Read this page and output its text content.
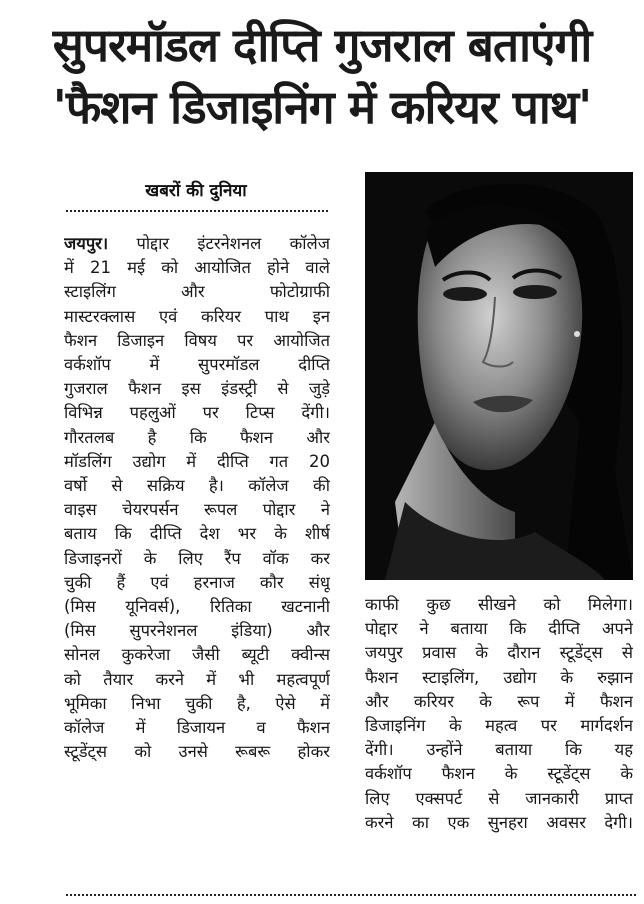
सुपरमॉडल दीप्ति गुजराल बताएंगी
'फैशन डिजाइनिंग में करियर पाथ'
खबरों की दुनिया
जयपुर। पोद्दार इंटरनेशनल कॉलेज
में 21 मई को आयोजित होने वाले
स्टाइलिंग और फोटोग्राफी
मास्टरक्लास एवं करियर पाथ इन
फैशन डिजाइन विषय पर आयोजित
वर्कशॉप में सुपरमॉडल दीप्ति
गुजराल फैशन इस इंडस्ट्री से जुड़े
विभिन्न पहलुओं पर टिप्स देंगी।
गौरतलब है कि फैशन और
मॉडलिंग उद्योग में दीप्ति गत 20
वर्षो से सक्रिय है। कॉलेज की
वाइस चेयरपर्सन रूपल पोद्दार ने
बताय कि दीप्ति देश भर के शीर्ष
डिजाइनरों के लिए रैंप वॉक कर
चुकी हैं एवं हरनाज कौर संधू
(मिस यूनिवर्स), रितिका खटनानी
(मिस सुपरनेशनल इंडिया) और
सोनल कुकरेजा जैसी ब्यूटी क्वीन्स
को तैयार करने में भी महत्वपूर्ण
भूमिका निभा चुकी है, ऐसे में
कॉलेज में डिजायन व फैशन
स्टूडेंट्स को उनसे रूबरू होकर
काफी कुछ सीखने को मिलेगा।
पोद्दार ने बताया कि दीप्ति अपने
जयपुर प्रवास के दौरान स्टूडेंट्स से
फैशन स्टाइलिंग, उद्योग के रुझान
और करियर के रूप में फैशन
डिजाइनिंग के महत्व पर मार्गदर्शन
देंगी। उन्होंने बताया कि यह
वर्कशॉप फैशन के स्टूडेंट्स के
लिए एक्सपर्ट से जानकारी प्राप्त
करने का एक सुनहरा अवसर देगी।
